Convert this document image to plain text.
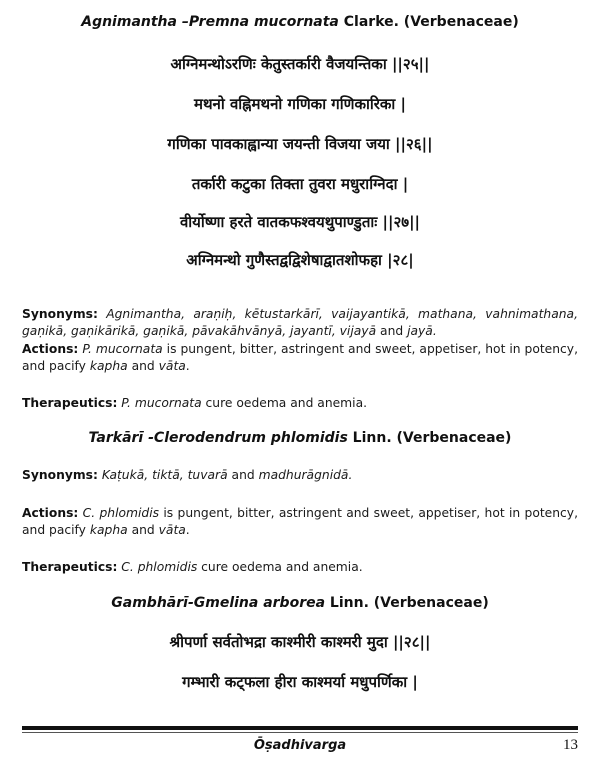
Agnimantha –Premna mucornata Clarke. (Verbenaceae)
अग्निमन्थोऽरणिः केतुस्तर्कारी वैजयन्तिका ||२५||
मथनो वह्निमथनो गणिका गणिकारिका |
गणिका पावकाह्वान्या जयन्ती विजया जया ||२६||
तर्कारी कटुका तिक्ता तुवरा मधुराग्निदा |
वीर्योष्णा हरते वातकफश्वयथुपाण्डुताः ||२७||
अग्निमन्थो गुणैस्तद्वद्विशेषाद्वातशोफहा |२८|
Synonyms: Agnimantha, araṇiḥ, kētustarkārī, vaijayantikā, mathana, vahnimathana, gaṇikā, gaṇikārikā, gaṇikā, pāvakāhvānyā, jayantī, vijayā and jayā.
Actions: P. mucornata is pungent, bitter, astringent and sweet, appetiser, hot in potency, and pacify kapha and vāta.
Therapeutics: P. mucornata cure oedema and anemia.
Tarkārī -Clerodendrum phlomidis Linn. (Verbenaceae)
Synonyms: Kaṭukā, tiktā, tuvarā and madhurāgnidā.
Actions: C. phlomidis is pungent, bitter, astringent and sweet, appetiser, hot in potency, and pacify kapha and vāta.
Therapeutics: C. phlomidis cure oedema and anemia.
Gambhārī-Gmelina arborea Linn. (Verbenaceae)
श्रीपर्णा सर्वतोभद्रा काश्मीरी काश्मरी मुदा ||२८||
गम्भारी कट्फला हीरा काश्मर्या मधुपर्णिका |
Ōṣadhivarga	13
